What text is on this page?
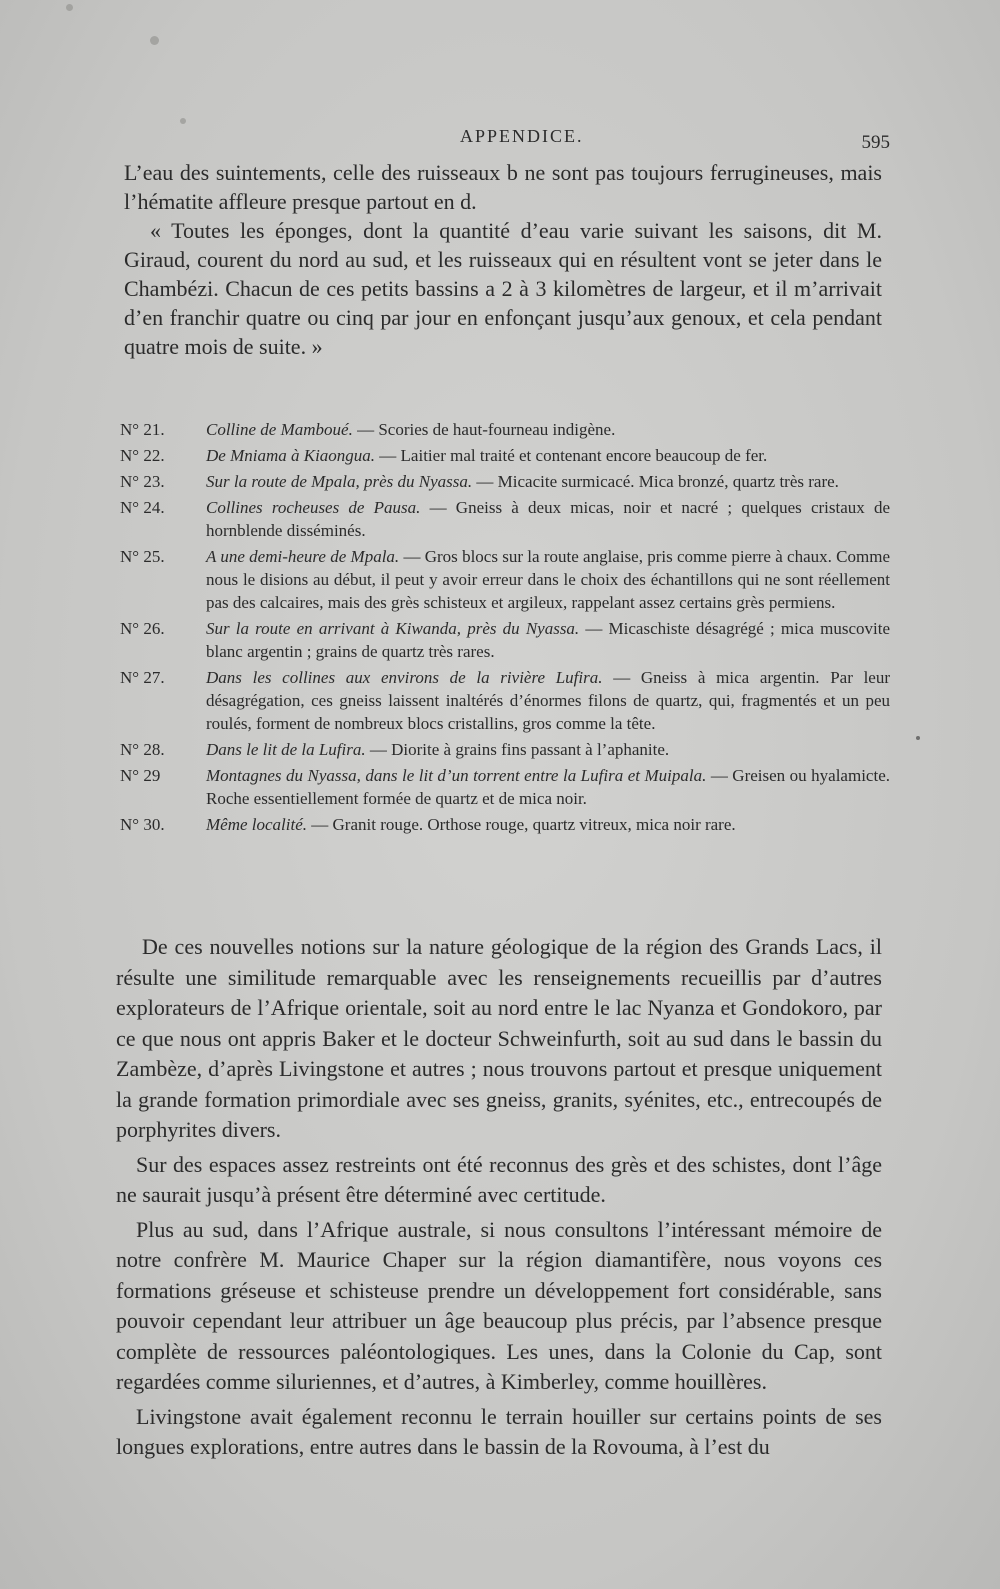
APPENDICE.	595

L’eau des suintements, celle des ruisseaux b ne sont pas toujours ferrugineuses, mais l’hématite affleure presque partout en d.

« Toutes les éponges, dont la quantité d’eau varie suivant les saisons, dit M. Giraud, courent du nord au sud, et les ruisseaux qui en résultent vont se jeter dans le Chambézi. Chacun de ces petits bassins a 2 à 3 kilomètres de largeur, et il m’arrivait d’en franchir quatre ou cinq par jour en enfonçant jusqu’aux genoux, et cela pendant quatre mois de suite. »

N° 21.	Colline de Mamboué. — Scories de haut-fourneau indigène.
N° 22.	De Mniama à Kiaongua. — Laitier mal traité et contenant encore beaucoup de fer.
N° 23.	Sur la route de Mpala, près du Nyassa. — Micacite surmicacé. Mica bronzé, quartz très rare.
N° 24.	Collines rocheuses de Pausa. — Gneiss à deux micas, noir et nacré ; quelques cristaux de hornblende disséminés.
N° 25.	A une demi-heure de Mpala. — Gros blocs sur la route anglaise, pris comme pierre à chaux. Comme nous le disions au début, il peut y avoir erreur dans le choix des échantillons qui ne sont réellement pas des calcaires, mais des grès schisteux et argileux, rappelant assez certains grès permiens.
N° 26.	Sur la route en arrivant à Kiwanda, près du Nyassa. — Micaschiste désagrégé ; mica muscovite blanc argentin ; grains de quartz très rares.
N° 27.	Dans les collines aux environs de la rivière Lufira. — Gneiss à mica argentin. Par leur désagrégation, ces gneiss laissent inaltérés d’énormes filons de quartz, qui, fragmentés et un peu roulés, forment de nombreux blocs cristallins, gros comme la tête.
N° 28.	Dans le lit de la Lufira. — Diorite à grains fins passant à l’aphanite.
N° 29	Montagnes du Nyassa, dans le lit d’un torrent entre la Lufira et Muipala. — Greisen ou hyalamicte. Roche essentiellement formée de quartz et de mica noir.
N° 30.	Même localité. — Granit rouge. Orthose rouge, quartz vitreux, mica noir rare.

De ces nouvelles notions sur la nature géologique de la région des Grands Lacs, il résulte une similitude remarquable avec les renseignements recueillis par d’autres explorateurs de l’Afrique orientale, soit au nord entre le lac Nyanza et Gondokoro, par ce que nous ont appris Baker et le docteur Schweinfurth, soit au sud dans le bassin du Zambèze, d’après Livingstone et autres ; nous trouvons partout et presque uniquement la grande formation primordiale avec ses gneiss, granits, syénites, etc., entrecoupés de porphyrites divers.

Sur des espaces assez restreints ont été reconnus des grès et des schistes, dont l’âge ne saurait jusqu’à présent être déterminé avec certitude.

Plus au sud, dans l’Afrique australe, si nous consultons l’intéressant mémoire de notre confrère M. Maurice Chaper sur la région diamantifère, nous voyons ces formations gréseuse et schisteuse prendre un développement fort considérable, sans pouvoir cependant leur attribuer un âge beaucoup plus précis, par l’absence presque complète de ressources paléontologiques. Les unes, dans la Colonie du Cap, sont regardées comme siluriennes, et d’autres, à Kimberley, comme houillères.

Livingstone avait également reconnu le terrain houiller sur certains points de ses longues explorations, entre autres dans le bassin de la Rovouma, à l’est du
